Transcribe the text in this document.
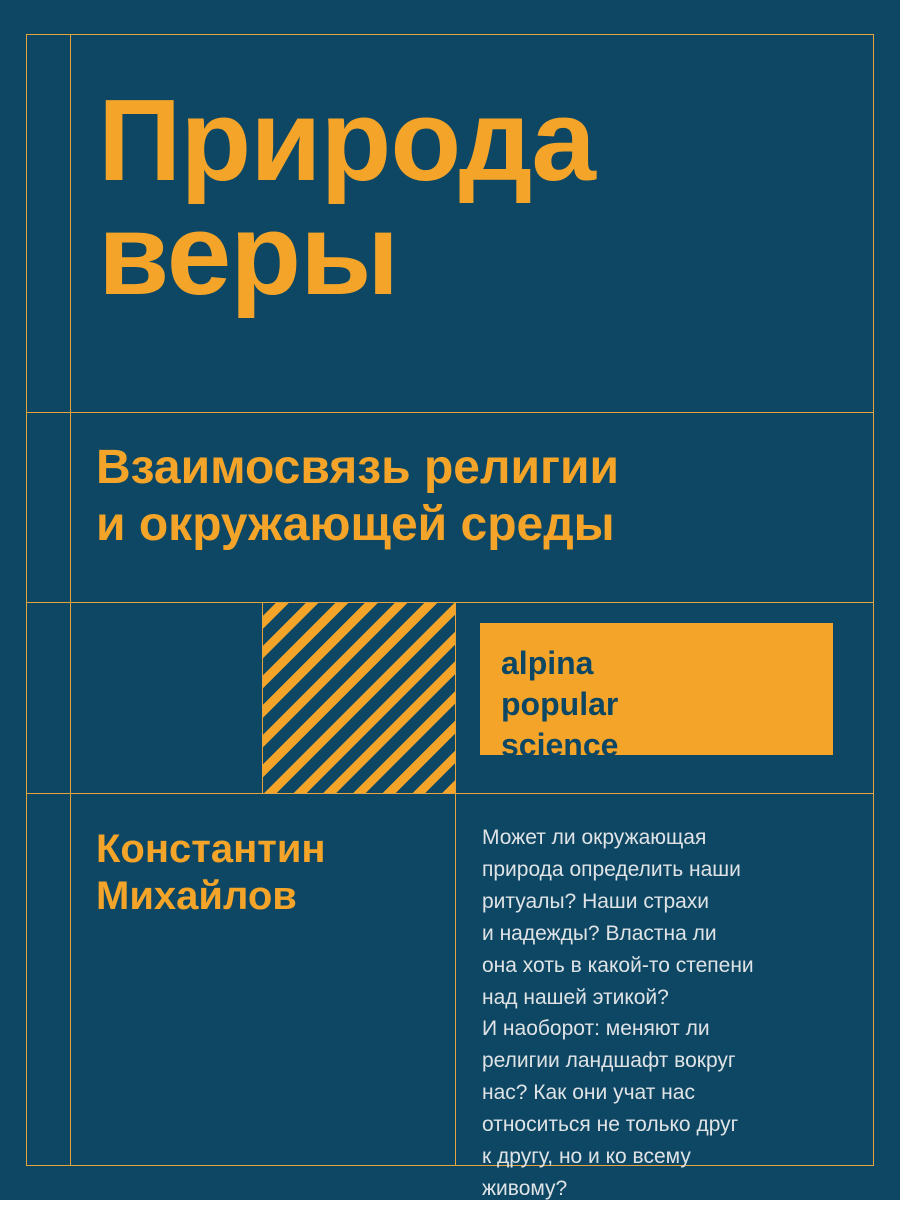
Природа
веры
Взаимосвязь религии
и окружающей среды
alpina
popular
science
Константин
Михайлов
Может ли окружающая
природа определить наши
ритуалы? Наши страхи
и надежды? Властна ли
она хоть в какой-то степени
над нашей этикой?
И наоборот: меняют ли
религии ландшафт вокруг
нас? Как они учат нас
относиться не только друг
к другу, но и ко всему
живому?
